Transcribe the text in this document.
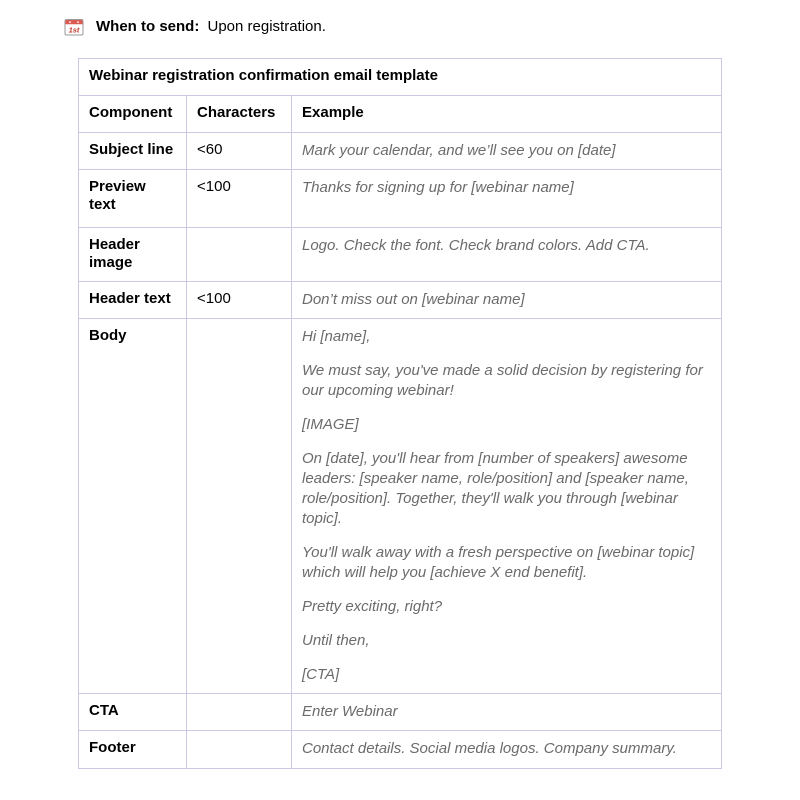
1st When to send: Upon registration.
Webinar registration confirmation email template		
Component	Characters	Example
Subject line	<60	Mark your calendar, and we’ll see you on [date]

Preview text	<100	Thanks for signing up for [webinar name]

Header image		Logo. Check the font. Check brand colors. Add CTA.

Header text	<100	Don’t miss out on [webinar name]

Body		Hi [name],

We must say, you've made a solid decision by registering for our upcoming webinar!

[IMAGE]

On [date], you'll hear from [number of speakers] awesome leaders: [speaker name, role/position] and [speaker name, role/position]. Together, they'll walk you through [webinar topic].

You'll walk away with a fresh perspective on [webinar topic] which will help you [achieve X end benefit].

Pretty exciting, right?

Until then,

[CTA]

CTA		Enter Webinar

Footer		Contact details. Social media logos. Company summary.
